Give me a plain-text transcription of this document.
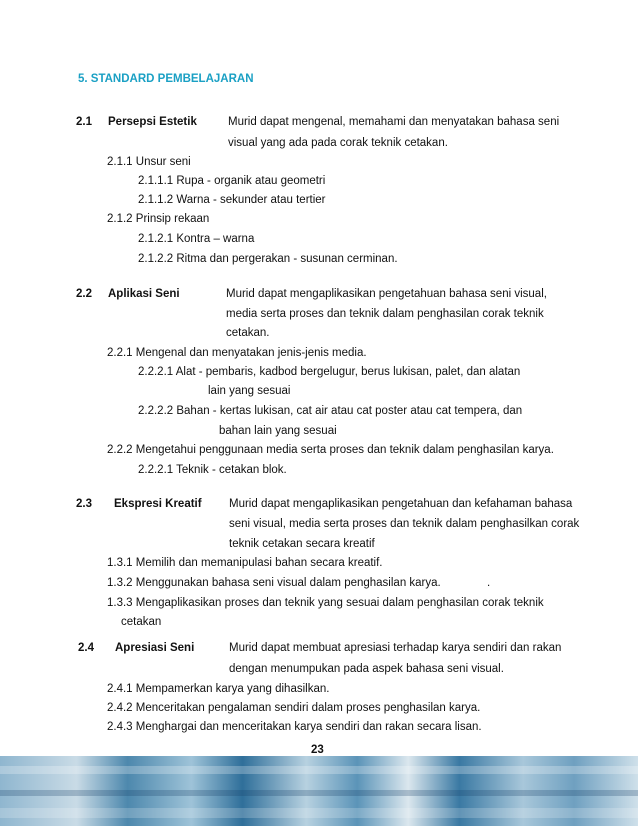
5. STANDARD PEMBELAJARAN
2.1 Persepsi Estetik	Murid dapat mengenal, memahami dan menyatakan bahasa seni
visual yang ada pada corak teknik cetakan.
2.1.1 Unsur seni
2.1.1.1 Rupa - organik atau geometri
2.1.1.2 Warna - sekunder atau tertier
2.1.2 Prinsip rekaan
2.1.2.1 Kontra – warna
2.1.2.2 Ritma dan pergerakan - susunan cerminan.
2.2 Aplikasi Seni	Murid dapat mengaplikasikan pengetahuan bahasa seni visual,
media serta proses dan teknik dalam penghasilan corak teknik
cetakan.
2.2.1 Mengenal dan menyatakan jenis-jenis media.
2.2.2.1 Alat - pembaris, kadbod bergelugur, berus lukisan, palet, dan alatan
lain yang sesuai
2.2.2.2 Bahan - kertas lukisan, cat air atau cat poster atau cat tempera, dan
bahan lain yang sesuai
2.2.2 Mengetahui penggunaan media serta proses dan teknik dalam penghasilan karya.
2.2.2.1 Teknik - cetakan blok.
2.3 Ekspresi Kreatif Murid dapat mengaplikasikan pengetahuan dan kefahaman bahasa
seni visual, media serta proses dan teknik dalam penghasilkan corak
teknik cetakan secara kreatif
1.3.1 Memilih dan memanipulasi bahan secara kreatif.
1.3.2 Menggunakan bahasa seni visual dalam penghasilan karya.	.
1.3.3 Mengaplikasikan proses dan teknik yang sesuai dalam penghasilan corak teknik
cetakan
2.4 Apresiasi Seni	Murid dapat membuat apresiasi terhadap karya sendiri dan rakan
dengan menumpukan pada aspek bahasa seni visual.
2.4.1 Mempamerkan karya yang dihasilkan.
2.4.2 Menceritakan pengalaman sendiri dalam proses penghasilan karya.
2.4.3 Menghargai dan menceritakan karya sendiri dan rakan secara lisan.
23
